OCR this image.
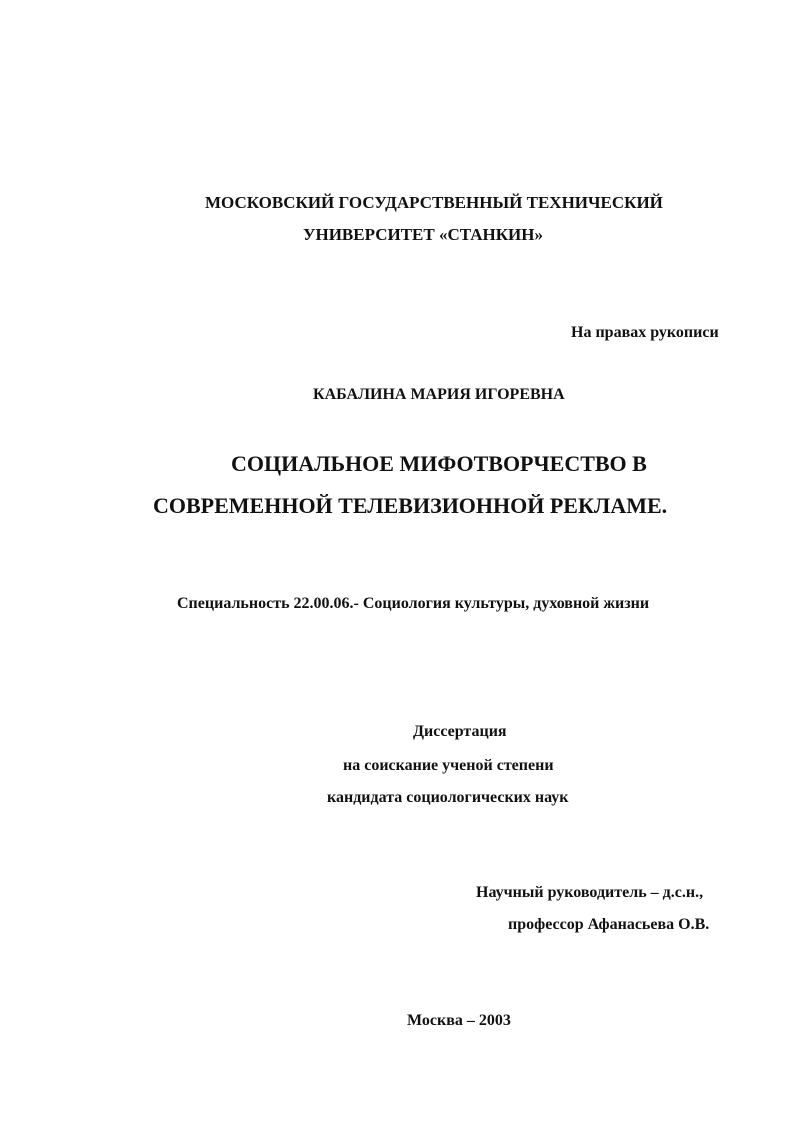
МОСКОВСКИЙ ГОСУДАРСТВЕННЫЙ ТЕХНИЧЕСКИЙ
УНИВЕРСИТЕТ «СТАНКИН»
На правах рукописи
КАБАЛИНА МАРИЯ ИГОРЕВНА
СОЦИАЛЬНОЕ МИФОТВОРЧЕСТВО В
СОВРЕМЕННОЙ ТЕЛЕВИЗИОННОЙ РЕКЛАМЕ.
Специальность 22.00.06.- Социология культуры, духовной жизни
Диссертация
на соискание ученой степени
кандидата социологических наук
Научный руководитель – д.с.н.,
профессор Афанасьева О.В.
Москва – 2003
